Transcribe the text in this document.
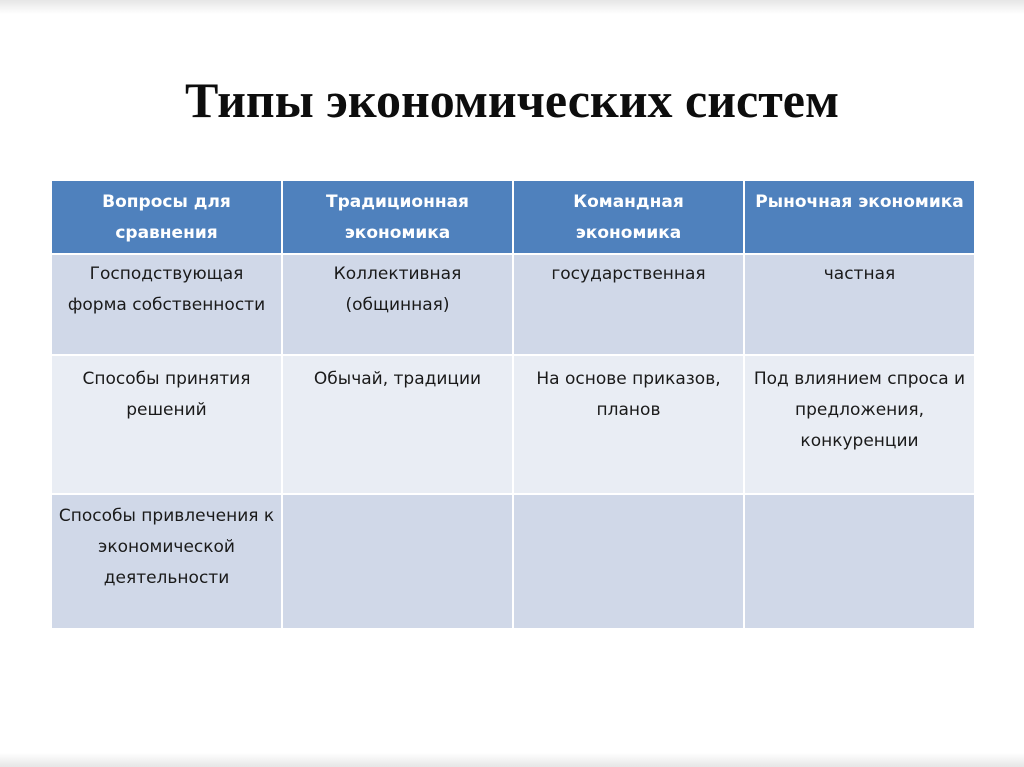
Типы экономических систем
Вопросы для сравнения	Традиционная экономика	Командная экономика	Рыночная экономика
Господствующая форма собственности	Коллективная (общинная)	государственная	частная
Способы принятия решений	Обычай, традиции	На основе приказов, планов	Под влиянием спроса и предложения, конкуренции
Способы привлечения к экономической деятельности			
